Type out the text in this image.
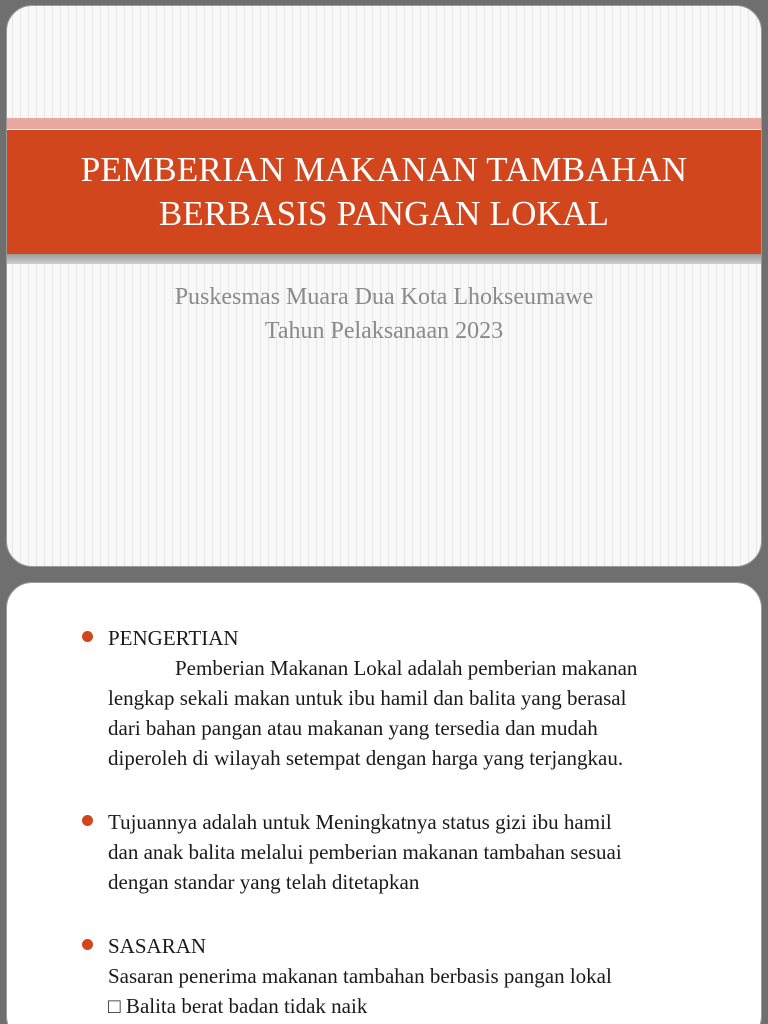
PEMBERIAN MAKANAN TAMBAHAN
BERBASIS PANGAN LOKAL
Puskesmas Muara Dua Kota Lhokseumawe
Tahun Pelaksanaan 2023
PENGERTIAN
Pemberian Makanan Lokal adalah pemberian makanan
lengkap sekali makan untuk ibu hamil dan balita yang berasal
dari bahan pangan atau makanan yang tersedia dan mudah
diperoleh di wilayah setempat dengan harga yang terjangkau.
Tujuannya adalah untuk Meningkatnya status gizi ibu hamil
dan anak balita melalui pemberian makanan tambahan sesuai
dengan standar yang telah ditetapkan
SASARAN
Sasaran penerima makanan tambahan berbasis pangan lokal
□ Balita berat badan tidak naik
